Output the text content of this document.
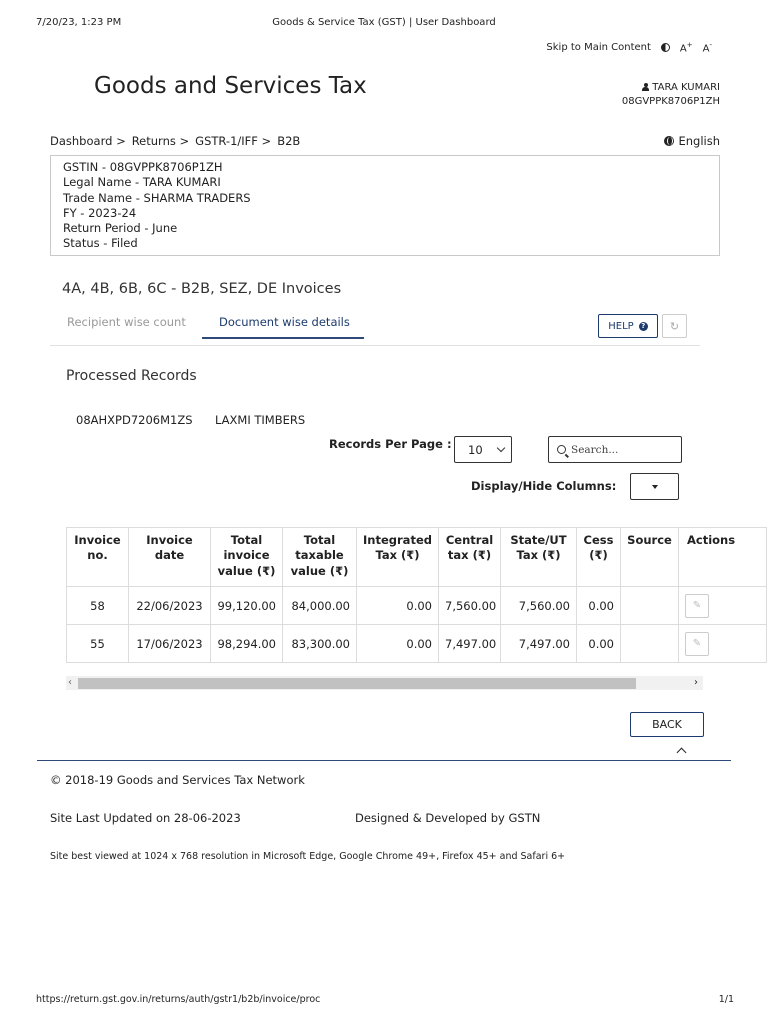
7/20/23, 1:23 PM	Goods & Service Tax (GST) | User Dashboard
Skip to Main Content	A+ A-
Goods and Services Tax	TARA KUMARI
08GVPPK8706P1ZH
Dashboard > Returns > GSTR-1/IFF > B2B	English
GSTIN - 08GVPPK8706P1ZH
Legal Name - TARA KUMARI
Trade Name - SHARMA TRADERS
FY - 2023-24
Return Period - June
Status - Filed
4A, 4B, 6B, 6C - B2B, SEZ, DE Invoices
Recipient wise count	Document wise details	HELP	? ↻
Processed Records
08AHXPD7206M1ZS LAXMI TIMBERS
Records Per Page : 10	Search...
Display/Hide Columns:
Invoice no.	Invoice date	Total invoice value (₹)	Total taxable value (₹)	Integrated Tax (₹)	Central tax (₹)	State/UT Tax (₹)	Cess (₹)	Source	Actions
58	22/06/2023	99,120.00	84,000.00	0.00	7,560.00	7,560.00	0.00		✎
55	17/06/2023	98,294.00	83,300.00	0.00	7,497.00	7,497.00	0.00		✎
‹	›
BACK
© 2018-19 Goods and Services Tax Network
Site Last Updated on 28-06-2023	Designed & Developed by GSTN
Site best viewed at 1024 x 768 resolution in Microsoft Edge, Google Chrome 49+, Firefox 45+ and Safari 6+
https://return.gst.gov.in/returns/auth/gstr1/b2b/invoice/proc	1/1
